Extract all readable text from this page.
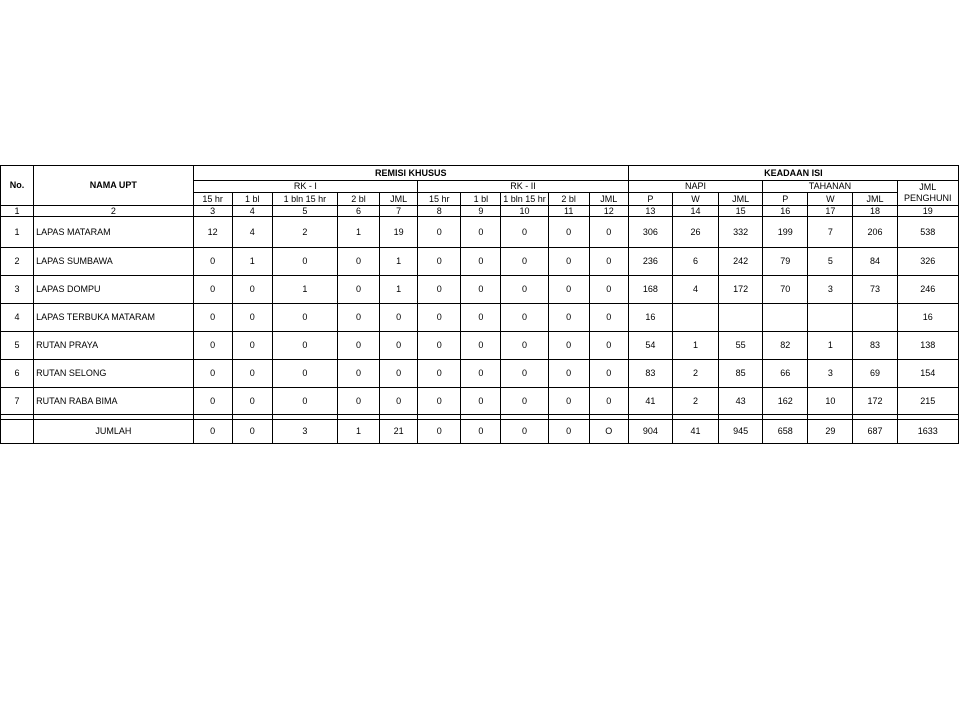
No.	NAMA UPT	REMISI KHUSUS										KEADAAN ISI						
		RK - I					RK - II					NAPI			TAHANAN			JML
PENGHUNI
		15 hr	1 bl	1 bln 15 hr	2 bl	JML	15 hr	1 bl	1 bln 15 hr	2 bl	JML	P	W	JML	P	W	JML	
1	2	3	4	5	6	7	8	9	10	11	12	13	14	15	16	17	18	19
1	LAPAS MATARAM	12	4	2	1	19	0	0	0	0	0	306	26	332	199	7	206	538
2	LAPAS SUMBAWA	0	1	0	0	1	0	0	0	0	0	236	6	242	79	5	84	326
3	LAPAS DOMPU	0	0	1	0	1	0	0	0	0	0	168	4	172	70	3	73	246
4	LAPAS TERBUKA MATARAM	0	0	0	0	0	0	0	0	0	0	16						16
5	RUTAN PRAYA	0	0	0	0	0	0	0	0	0	0	54	1	55	82	1	83	138
6	RUTAN SELONG	0	0	0	0	0	0	0	0	0	0	83	2	85	66	3	69	154
7	RUTAN RABA BIMA	0	0	0	0	0	0	0	0	0	0	41	2	43	162	10	172	215

	JUMLAH	0	0	3	1	21	0	0	0	0	O	904	41	945	658	29	687	1633
